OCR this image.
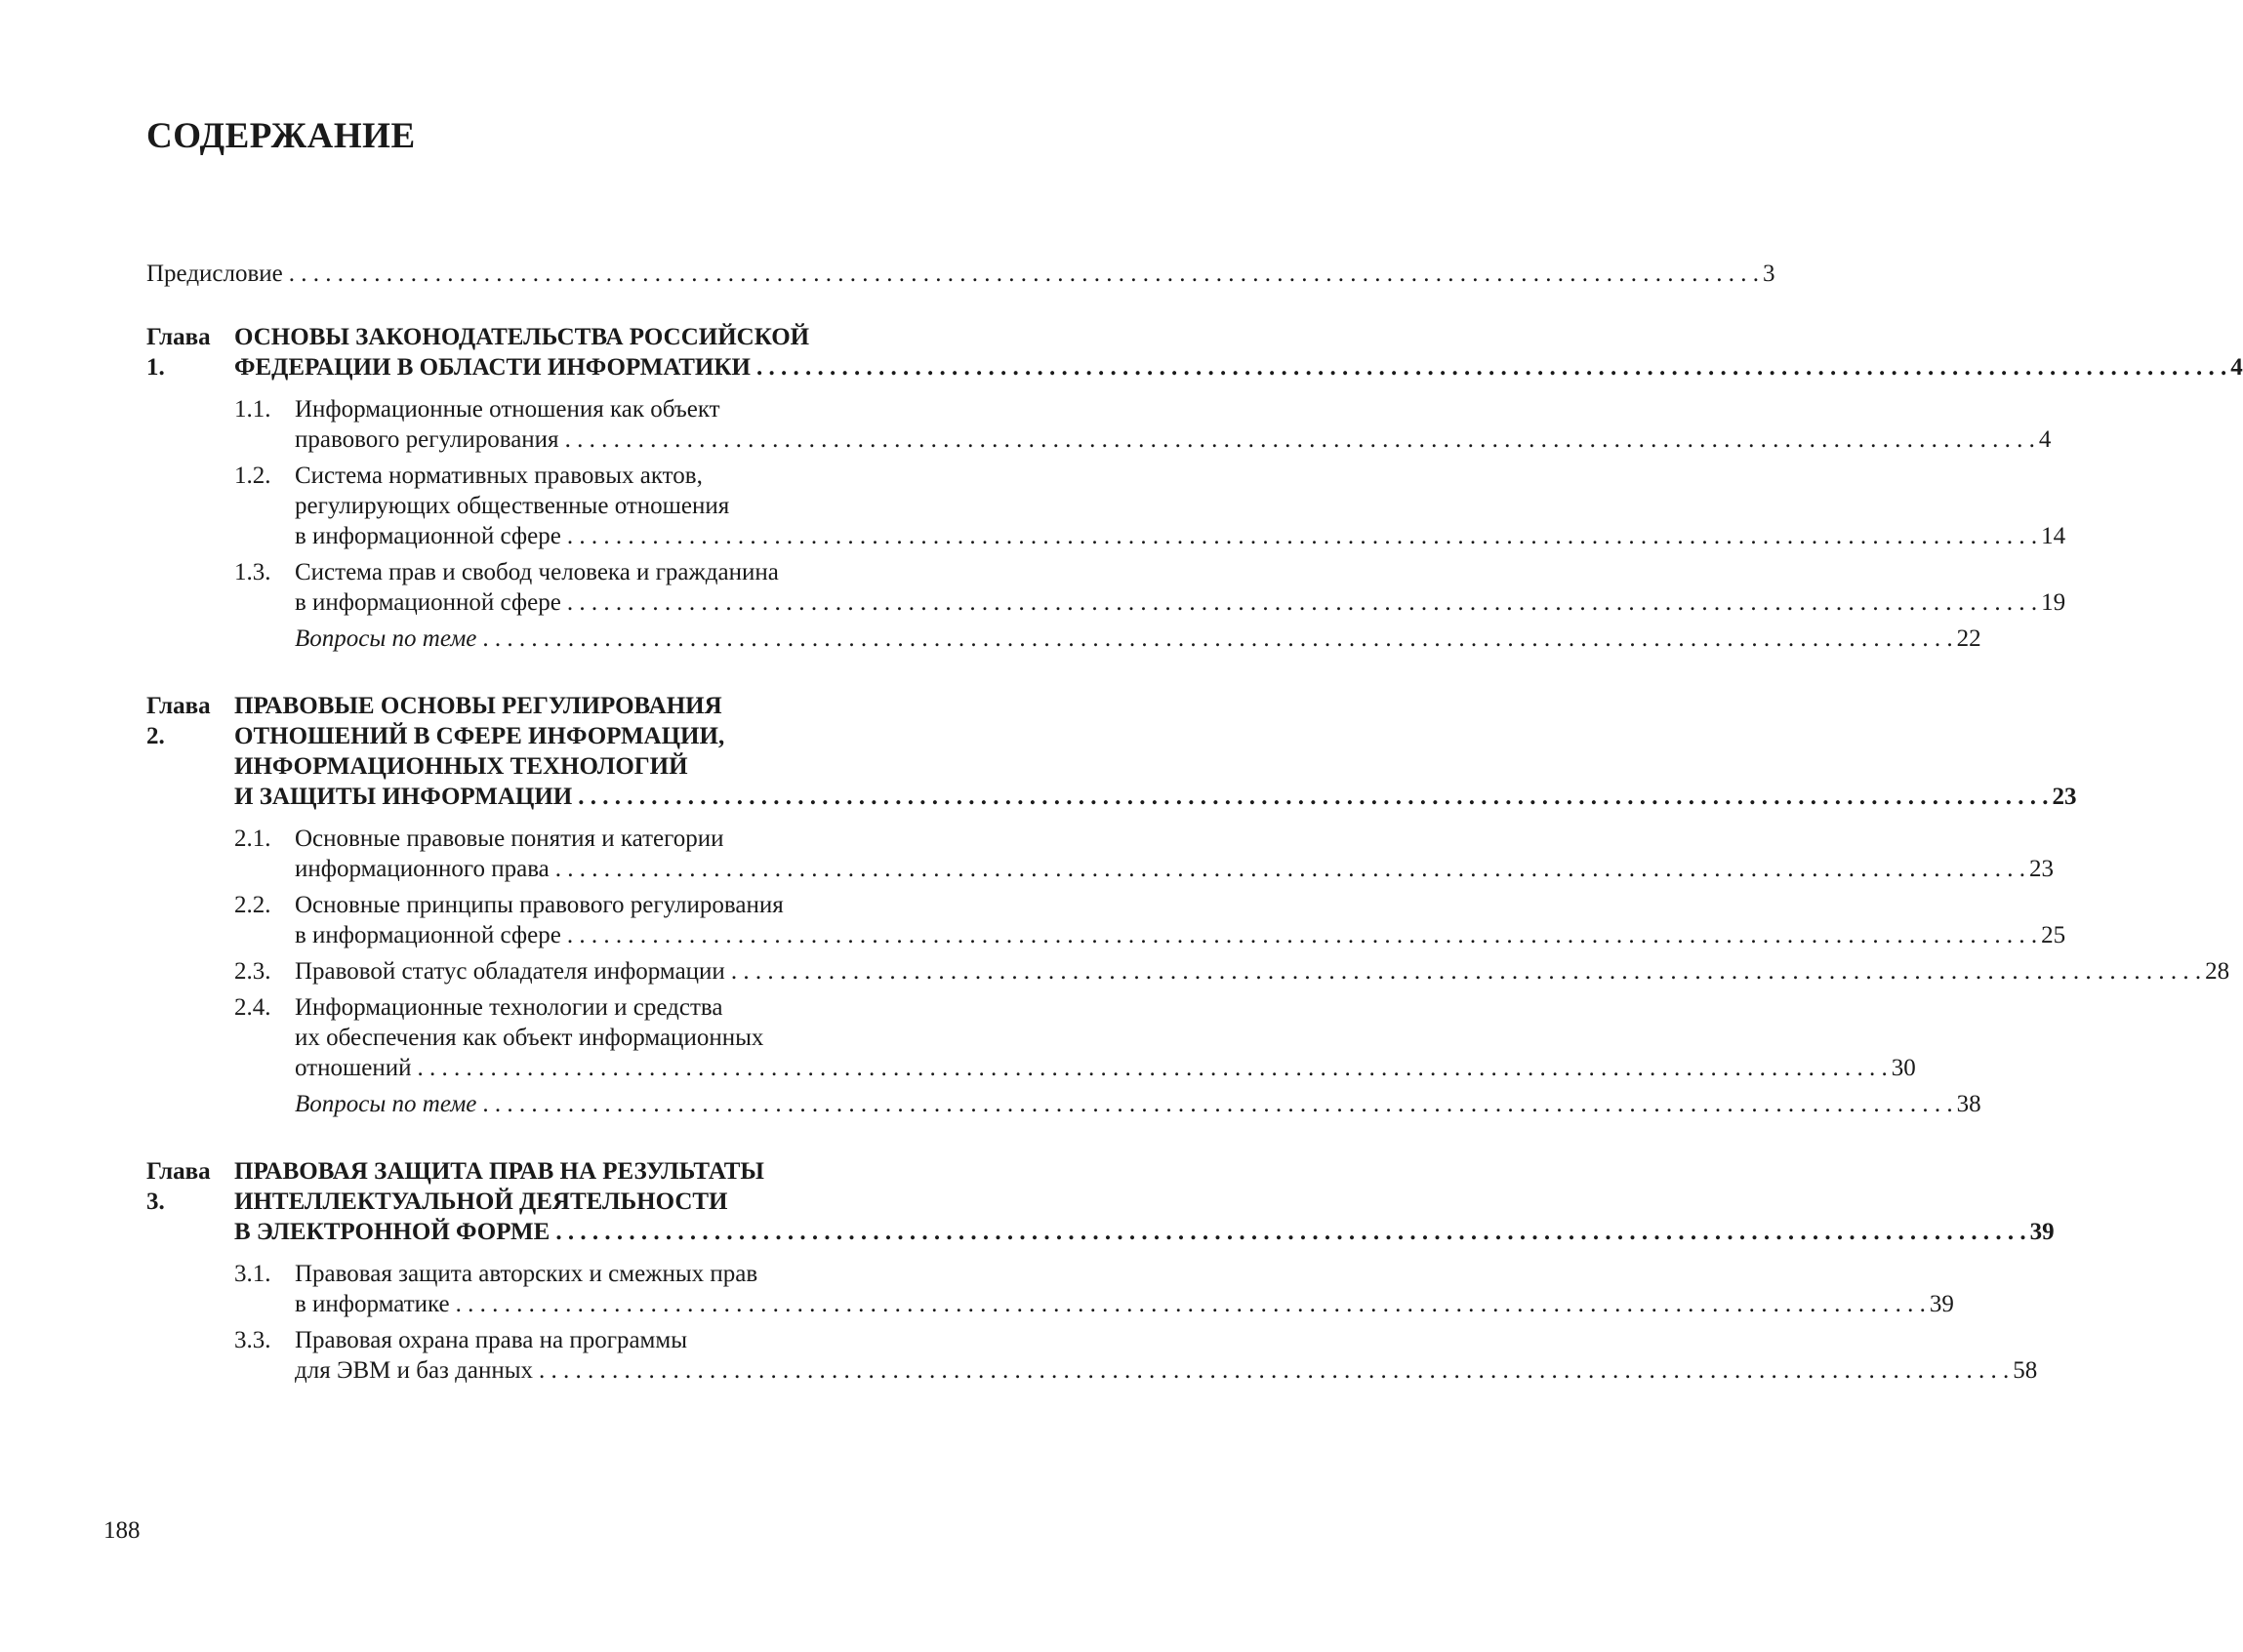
СОДЕРЖАНИЕ
Предисловие . . .	3
Глава 1.
ОСНОВЫ ЗАКОНОДАТЕЛЬСТВА РОССИЙСКОЙ
ФЕДЕРАЦИИ В ОБЛАСТИ ИНФОРМАТИКИ . . .	4
1.1. Информационные отношения как объект
правового регулирования . . .	4
1.2. Система нормативных правовых актов,
регулирующих общественные отношения
в информационной сфере . . .	14
1.3. Система прав и свобод человека и гражданина
в информационной сфере . . .	19
Вопросы по теме . . .	22
Глава 2.
ПРАВОВЫЕ ОСНОВЫ РЕГУЛИРОВАНИЯ
ОТНОШЕНИЙ В СФЕРЕ ИНФОРМАЦИИ,
ИНФОРМАЦИОННЫХ ТЕХНОЛОГИЙ
И ЗАЩИТЫ ИНФОРМАЦИИ . . .	23
2.1. Основные правовые понятия и категории
информационного права . . .	23
2.2. Основные принципы правового регулирования
в информационной сфере . . .	25
2.3. Правовой статус обладателя информации . . .	28
2.4. Информационные технологии и средства
их обеспечения как объект информационных
отношений . . .	30
Вопросы по теме . . .	38
Глава 3.
ПРАВОВАЯ ЗАЩИТА ПРАВ НА РЕЗУЛЬТАТЫ
ИНТЕЛЛЕКТУАЛЬНОЙ ДЕЯТЕЛЬНОСТИ
В ЭЛЕКТРОННОЙ ФОРМЕ . . .	39
3.1. Правовая защита авторских и смежных прав
в информатике . . .	39
3.3. Правовая охрана права на программы
для ЭВМ и баз данных . . .	58
188
